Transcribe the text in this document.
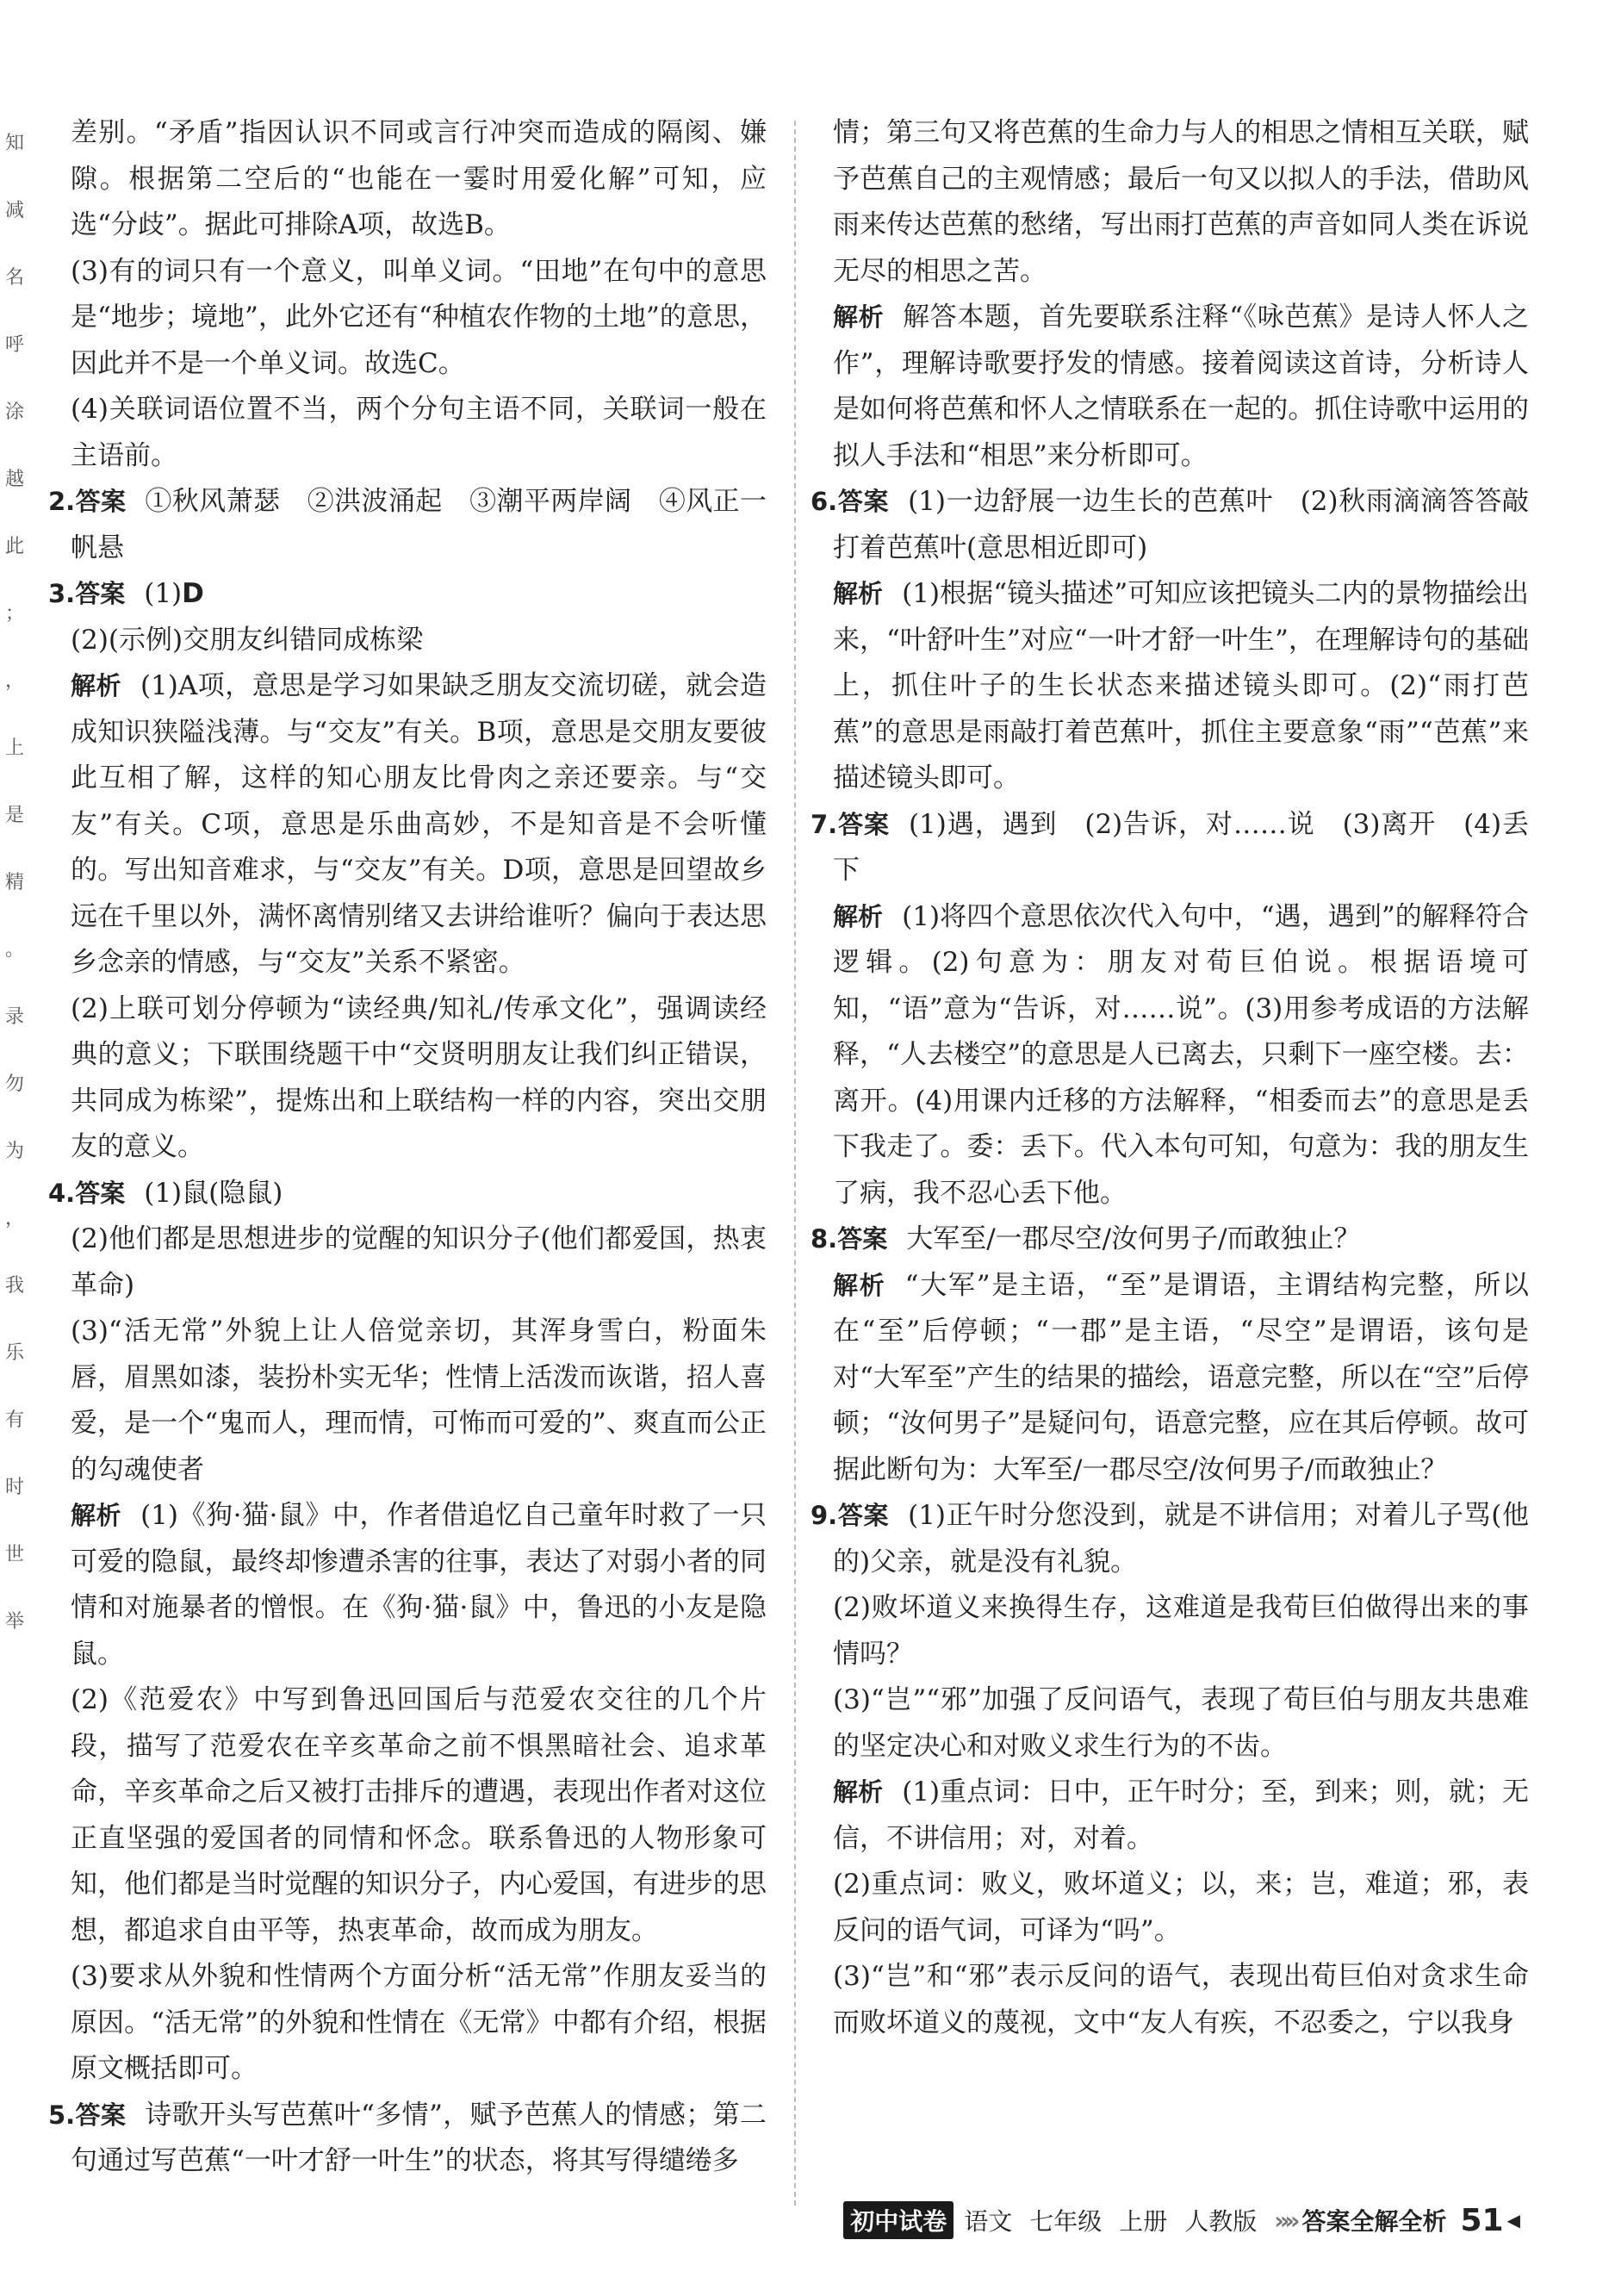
知
减
名
呼
涂
越
此
；
，
上
是
精
。
录
勿
为
，
我
乐
有
时
世
举

差别。“矛盾”指因认识不同或言行冲突而造成的隔阂、嫌隙。根据第二空后的“也能在一霎时用爱化解”可知，应选“分歧”。据此可排除A项，故选B。

(3)有的词只有一个意义，叫单义词。“田地”在句中的意思是“地步；境地”，此外它还有“种植农作物的土地”的意思，因此并不是一个单义词。故选C。

(4)关联词语位置不当，两个分句主语不同，关联词一般在主语前。

2.答案 ①秋风萧瑟　②洪波涌起　③潮平两岸阔　④风正一帆悬

3.答案 (1)D

(2)(示例)交朋友纠错同成栋梁

解析 (1)A项，意思是学习如果缺乏朋友交流切磋，就会造成知识狭隘浅薄。与“交友”有关。B项，意思是交朋友要彼此互相了解，这样的知心朋友比骨肉之亲还要亲。与“交友”有关。C项，意思是乐曲高妙，不是知音是不会听懂的。写出知音难求，与“交友”有关。D项，意思是回望故乡远在千里以外，满怀离情别绪又去讲给谁听？偏向于表达思乡念亲的情感，与“交友”关系不紧密。

(2)上联可划分停顿为“读经典/知礼/传承文化”，强调读经典的意义；下联围绕题干中“交贤明朋友让我们纠正错误，共同成为栋梁”，提炼出和上联结构一样的内容，突出交朋友的意义。

4.答案 (1)鼠(隐鼠)

(2)他们都是思想进步的觉醒的知识分子(他们都爱国，热衷革命)

(3)“活无常”外貌上让人倍觉亲切，其浑身雪白，粉面朱唇，眉黑如漆，装扮朴实无华；性情上活泼而诙谐，招人喜爱，是一个“鬼而人，理而情，可怖而可爱的”、爽直而公正的勾魂使者

解析 (1)《狗·猫·鼠》中，作者借追忆自己童年时救了一只可爱的隐鼠，最终却惨遭杀害的往事，表达了对弱小者的同情和对施暴者的憎恨。在《狗·猫·鼠》中，鲁迅的小友是隐鼠。

(2)《范爱农》中写到鲁迅回国后与范爱农交往的几个片段，描写了范爱农在辛亥革命之前不惧黑暗社会、追求革命，辛亥革命之后又被打击排斥的遭遇，表现出作者对这位正直坚强的爱国者的同情和怀念。联系鲁迅的人物形象可知，他们都是当时觉醒的知识分子，内心爱国，有进步的思想，都追求自由平等，热衷革命，故而成为朋友。

(3)要求从外貌和性情两个方面分析“活无常”作朋友妥当的原因。“活无常”的外貌和性情在《无常》中都有介绍，根据原文概括即可。

5.答案 诗歌开头写芭蕉叶“多情”，赋予芭蕉人的情感；第二句通过写芭蕉“一叶才舒一叶生”的状态，将其写得缱绻多

情；第三句又将芭蕉的生命力与人的相思之情相互关联，赋予芭蕉自己的主观情感；最后一句又以拟人的手法，借助风雨来传达芭蕉的愁绪，写出雨打芭蕉的声音如同人类在诉说无尽的相思之苦。

解析 解答本题，首先要联系注释“《咏芭蕉》是诗人怀人之作”，理解诗歌要抒发的情感。接着阅读这首诗，分析诗人是如何将芭蕉和怀人之情联系在一起的。抓住诗歌中运用的拟人手法和“相思”来分析即可。

6.答案 (1)一边舒展一边生长的芭蕉叶　(2)秋雨滴滴答答敲打着芭蕉叶(意思相近即可)

解析 (1)根据“镜头描述”可知应该把镜头二内的景物描绘出来，“叶舒叶生”对应“一叶才舒一叶生”，在理解诗句的基础上，抓住叶子的生长状态来描述镜头即可。(2)“雨打芭蕉”的意思是雨敲打着芭蕉叶，抓住主要意象“雨”“芭蕉”来描述镜头即可。

7.答案 (1)遇，遇到　(2)告诉，对……说　(3)离开　(4)丢下

解析 (1)将四个意思依次代入句中，“遇，遇到”的解释符合逻辑。(2)句意为：朋友对荀巨伯说。根据语境可知，“语”意为“告诉，对……说”。(3)用参考成语的方法解释，“人去楼空”的意思是人已离去，只剩下一座空楼。去：离开。(4)用课内迁移的方法解释，“相委而去”的意思是丢下我走了。委：丢下。代入本句可知，句意为：我的朋友生了病，我不忍心丢下他。

8.答案 大军至/一郡尽空/汝何男子/而敢独止？

解析 “大军”是主语，“至”是谓语，主谓结构完整，所以在“至”后停顿；“一郡”是主语，“尽空”是谓语，该句是对“大军至”产生的结果的描绘，语意完整，所以在“空”后停顿；“汝何男子”是疑问句，语意完整，应在其后停顿。故可据此断句为：大军至/一郡尽空/汝何男子/而敢独止？

9.答案 (1)正午时分您没到，就是不讲信用；对着儿子骂(他的)父亲，就是没有礼貌。

(2)败坏道义来换得生存，这难道是我荀巨伯做得出来的事情吗？

(3)“岂”“邪”加强了反问语气，表现了荀巨伯与朋友共患难的坚定决心和对败义求生行为的不齿。

解析 (1)重点词：日中，正午时分；至，到来；则，就；无信，不讲信用；对，对着。

(2)重点词：败义，败坏道义；以，来；岂，难道；邪，表反问的语气词，可译为“吗”。

(3)“岂”和“邪”表示反问的语气，表现出荀巨伯对贪求生命而败坏道义的蔑视，文中“友人有疾，不忍委之，宁以我身

初中试卷 语文 七年级 上册 人教版 »» 答案全解全析 51 ◀
